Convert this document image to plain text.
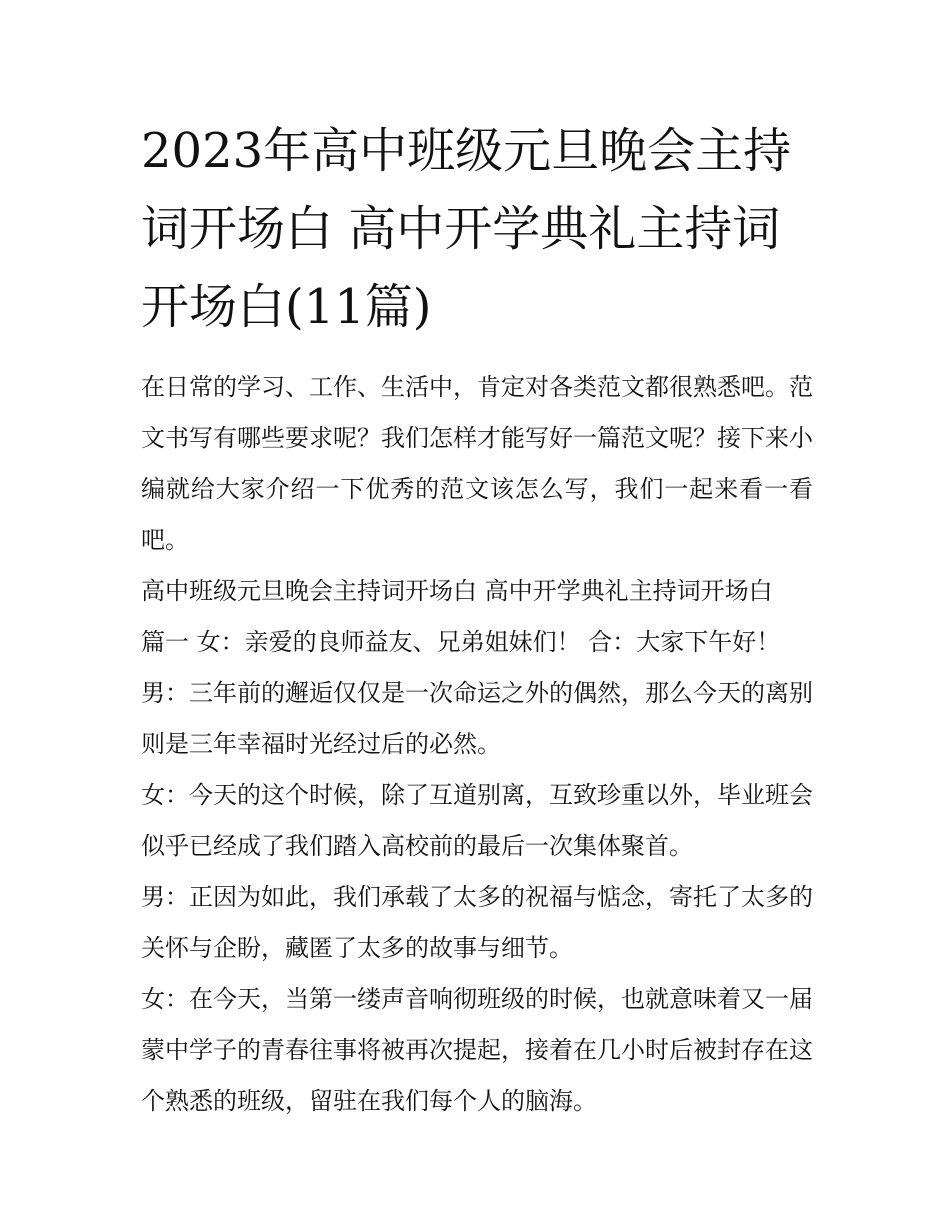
2023年高中班级元旦晚会主持词开场白 高中开学典礼主持词开场白(11篇)

在日常的学习、工作、生活中，肯定对各类范文都很熟悉吧。范文书写有哪些要求呢？我们怎样才能写好一篇范文呢？接下来小编就给大家介绍一下优秀的范文该怎么写，我们一起来看一看吧。

高中班级元旦晚会主持词开场白 高中开学典礼主持词开场白

篇一 女：亲爱的良师益友、兄弟姐妹们！ 合：大家下午好！

男：三年前的邂逅仅仅是一次命运之外的偶然，那么今天的离别则是三年幸福时光经过后的必然。

女：今天的这个时候，除了互道别离，互致珍重以外，毕业班会似乎已经成了我们踏入高校前的最后一次集体聚首。

男：正因为如此，我们承载了太多的祝福与惦念，寄托了太多的关怀与企盼，藏匿了太多的故事与细节。

女：在今天，当第一缕声音响彻班级的时候，也就意味着又一届蒙中学子的青春往事将被再次提起，接着在几小时后被封存在这个熟悉的班级，留驻在我们每个人的脑海。
